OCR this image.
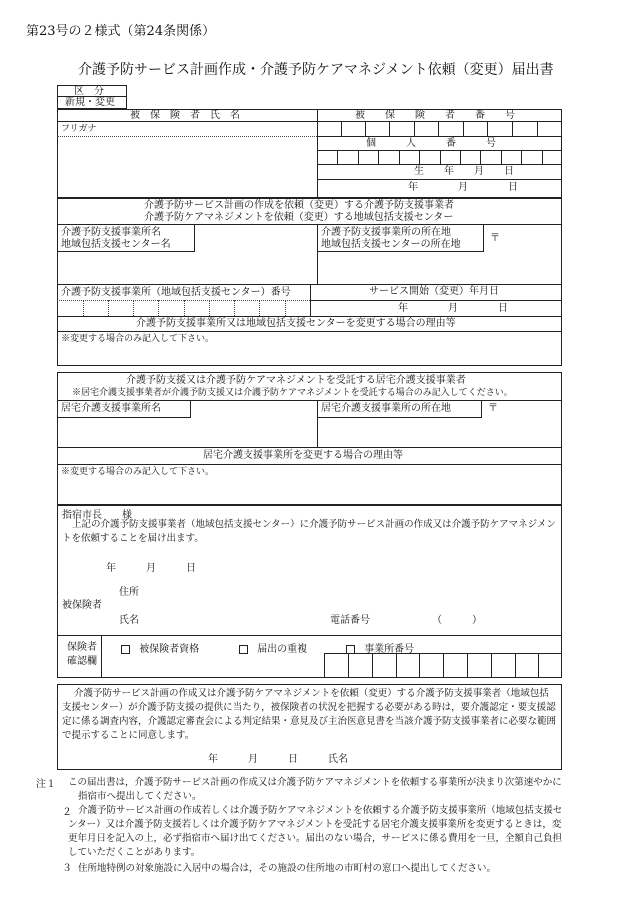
第23号の２様式（第24条関係）
介護予防サービス計画作成・介護予防ケアマネジメント依頼（変更）届出書
区　分
新規・変更
被　保　険　者　氏　名	被　　保　　険　　者　　番　　号
フリガナ
個　　　人　　　番　　　号
生　　年　　月　　日
年　　　　月　　　　日
介護予防サービス計画の作成を依頼（変更）する介護予防支援事業者
介護予防ケアマネジメントを依頼（変更）する地域包括支援センター
介護予防支援事業所名
地域包括支援センター名
介護予防支援事業所の所在地
地域包括支援センターの所在地
〒
介護予防支援事業所（地域包括支援センター）番号	サービス開始（変更）年月日
年　　　　月　　　　日
介護予防支援事業所又は地域包括支援センターを変更する場合の理由等
※変更する場合のみ記入して下さい。
介護予防支援又は介護予防ケアマネジメントを受託する居宅介護支援事業者
※居宅介護支援事業者が介護予防支援又は介護予防ケアマネジメントを受託する場合のみ記入してください。
居宅介護支援事業所名	居宅介護支援事業所の所在地	〒
居宅介護支援事業所を変更する場合の理由等
※変更する場合のみ記入して下さい。
指宿市長　　様
上記の介護予防支援事業者（地域包括支援センター）に介護予防サービス計画の作成又は介護予防ケアマネジメントを依頼することを届け出ます。
年　　　月　　　日
住所
被保険者
氏名	電話番号	（　　　）
保険者
確認欄
被保険者資格	届出の重複	事業所番号
介護予防サービス計画の作成又は介護予防ケアマネジメントを依頼（変更）する介護予防支援事業者（地域包括支援センター）が介護予防支援の提供に当たり，被保険者の状況を把握する必要がある時は，要介護認定・要支援認定に係る調査内容，介護認定審査会による判定結果・意見及び主治医意見書を当該介護予防支援事業者に必要な範囲で提示することに同意します。
年　　　月　　　日　　　氏名
注１ この届出書は，介護予防サービス計画の作成又は介護予防ケアマネジメントを依頼する事業所が決まり次第速やかに指宿市へ提出してください。
２ 介護予防サービス計画の作成若しくは介護予防ケアマネジメントを依頼する介護予防支援事業所（地域包括支援センター）又は介護予防支援若しくは介護予防ケアマネジメントを受託する居宅介護支援事業所を変更するときは，変更年月日を記入の上，必ず指宿市へ届け出てください。届出のない場合，サービスに係る費用を一旦，全額自己負担していただくことがあります。
３ 住所地特例の対象施設に入居中の場合は，その施設の住所地の市町村の窓口へ提出してください。
